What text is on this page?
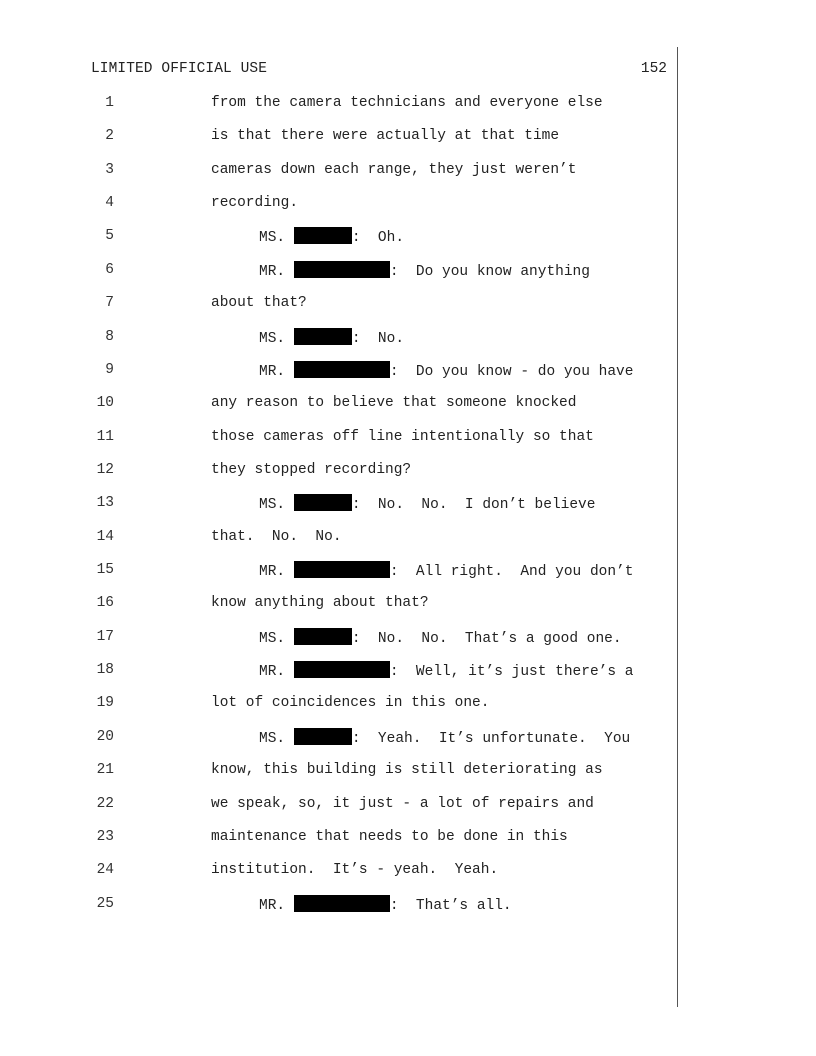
LIMITED OFFICIAL USE	152
1	from the camera technicians and everyone else
2	is that there were actually at that time
3	cameras down each range, they just weren’t
4	recording.
5	MS.	:  Oh.
6	MR.	:  Do you know anything
7	about that?
8	MS.	:  No.
9	MR.	:  Do you know - do you have
10	any reason to believe that someone knocked
11	those cameras off line intentionally so that
12	they stopped recording?
13	MS.	:  No.  No.  I don’t believe
14	that.  No.  No.
15	MR.	:  All right.  And you don’t
16	know anything about that?
17	MS.	:  No.  No.  That’s a good one.
18	MR.	:  Well, it’s just there’s a
19	lot of coincidences in this one.
20	MS.	:  Yeah.  It’s unfortunate.  You
21	know, this building is still deteriorating as
22	we speak, so, it just - a lot of repairs and
23	maintenance that needs to be done in this
24	institution.  It’s - yeah.  Yeah.
25	MR.	:  That’s all.
